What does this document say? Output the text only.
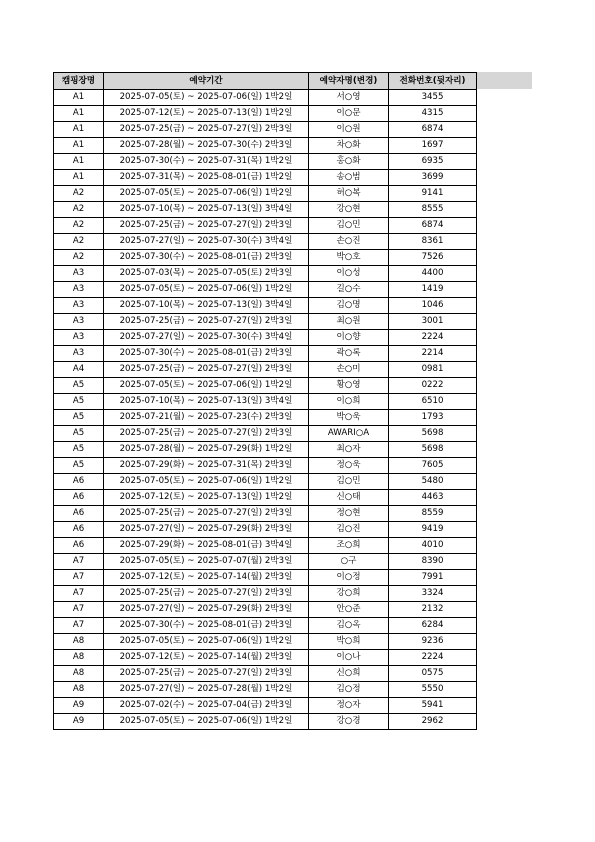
캠핑장명	예약기간	예약자명(변경)	전화번호(뒷자리)
A1	2025-07-05(토) ~ 2025-07-06(일) 1박2일	서○영	3455
A1	2025-07-12(토) ~ 2025-07-13(일) 1박2일	이○문	4315
A1	2025-07-25(금) ~ 2025-07-27(일) 2박3일	이○원	6874
A1	2025-07-28(월) ~ 2025-07-30(수) 2박3일	차○화	1697
A1	2025-07-30(수) ~ 2025-07-31(목) 1박2일	홍○화	6935
A1	2025-07-31(목) ~ 2025-08-01(금) 1박2일	송○범	3699
A2	2025-07-05(토) ~ 2025-07-06(일) 1박2일	허○복	9141
A2	2025-07-10(목) ~ 2025-07-13(일) 3박4일	강○현	8555
A2	2025-07-25(금) ~ 2025-07-27(일) 2박3일	김○민	6874
A2	2025-07-27(일) ~ 2025-07-30(수) 3박4일	손○진	8361
A2	2025-07-30(수) ~ 2025-08-01(금) 2박3일	박○호	7526
A3	2025-07-03(목) ~ 2025-07-05(토) 2박3일	이○성	4400
A3	2025-07-05(토) ~ 2025-07-06(일) 1박2일	길○수	1419
A3	2025-07-10(목) ~ 2025-07-13(일) 3박4일	김○명	1046
A3	2025-07-25(금) ~ 2025-07-27(일) 2박3일	최○원	3001
A3	2025-07-27(일) ~ 2025-07-30(수) 3박4일	이○향	2224
A3	2025-07-30(수) ~ 2025-08-01(금) 2박3일	곽○록	2214
A4	2025-07-25(금) ~ 2025-07-27(일) 2박3일	손○미	0981
A5	2025-07-05(토) ~ 2025-07-06(일) 1박2일	황○영	0222
A5	2025-07-10(목) ~ 2025-07-13(일) 3박4일	이○희	6510
A5	2025-07-21(월) ~ 2025-07-23(수) 2박3일	박○욱	1793
A5	2025-07-25(금) ~ 2025-07-27(일) 2박3일	AWARI○A	5698
A5	2025-07-28(월) ~ 2025-07-29(화) 1박2일	최○자	5698
A5	2025-07-29(화) ~ 2025-07-31(목) 2박3일	정○욱	7605
A6	2025-07-05(토) ~ 2025-07-06(일) 1박2일	김○민	5480
A6	2025-07-12(토) ~ 2025-07-13(일) 1박2일	신○태	4463
A6	2025-07-25(금) ~ 2025-07-27(일) 2박3일	정○현	8559
A6	2025-07-27(일) ~ 2025-07-29(화) 2박3일	김○진	9419
A6	2025-07-29(화) ~ 2025-08-01(금) 3박4일	조○희	4010
A7	2025-07-05(토) ~ 2025-07-07(월) 2박3일	○구	8390
A7	2025-07-12(토) ~ 2025-07-14(월) 2박3일	이○정	7991
A7	2025-07-25(금) ~ 2025-07-27(일) 2박3일	강○희	3324
A7	2025-07-27(일) ~ 2025-07-29(화) 2박3일	안○준	2132
A7	2025-07-30(수) ~ 2025-08-01(금) 2박3일	김○옥	6284
A8	2025-07-05(토) ~ 2025-07-06(일) 1박2일	박○희	9236
A8	2025-07-12(토) ~ 2025-07-14(월) 2박3일	이○나	2224
A8	2025-07-25(금) ~ 2025-07-27(일) 2박3일	신○희	0575
A8	2025-07-27(일) ~ 2025-07-28(월) 1박2일	김○정	5550
A9	2025-07-02(수) ~ 2025-07-04(금) 2박3일	정○자	5941
A9	2025-07-05(토) ~ 2025-07-06(일) 1박2일	강○경	2962
